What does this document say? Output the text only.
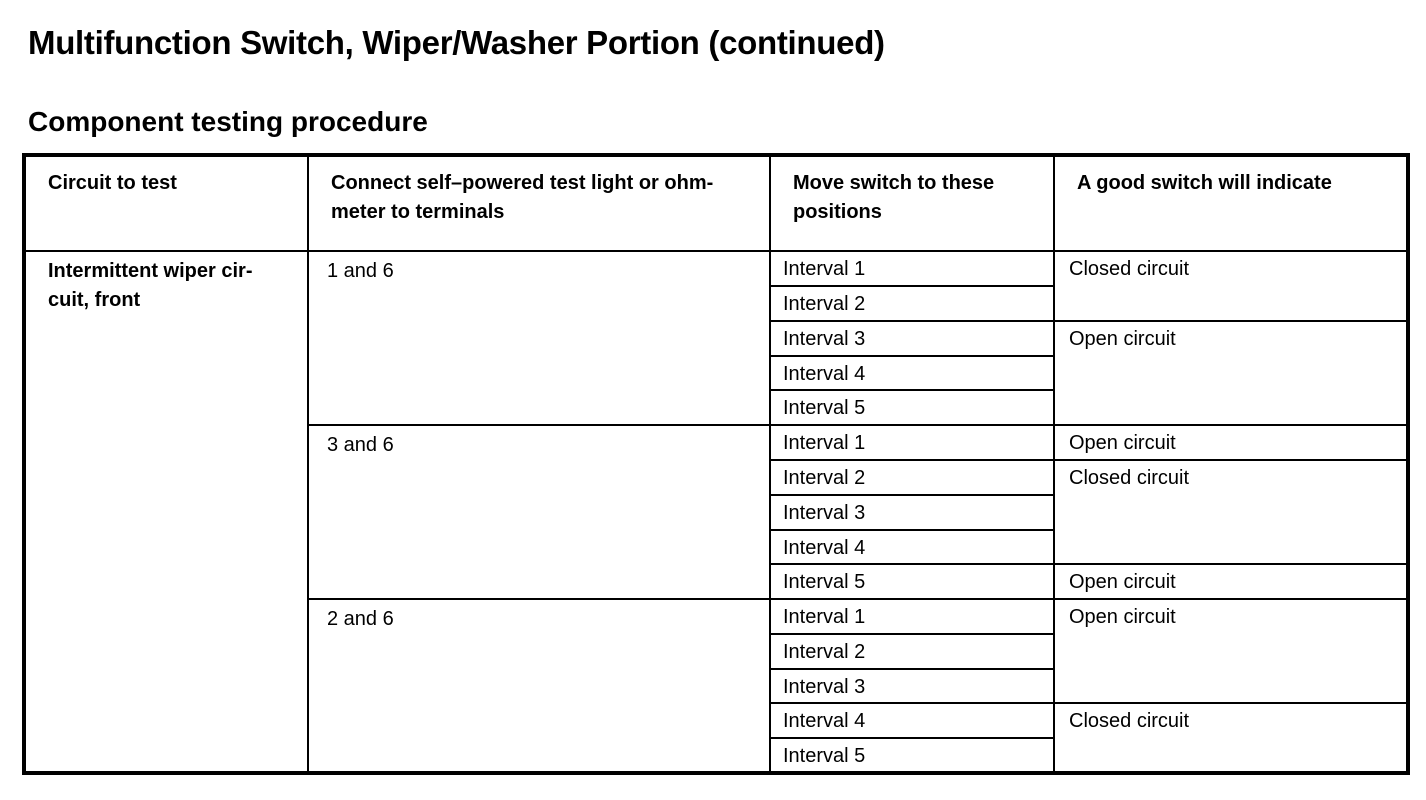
Multifunction Switch, Wiper/Washer Portion (continued)
Component testing procedure
Circuit to test	Connect self–powered test light or ohm-meter to terminals	Move switch to these positions	A good switch will indicate

Intermittent wiper cir-cuit, front	1 and 6	Interval 1	Closed circuit

		Interval 2	

		Interval 3	Open circuit

		Interval 4	

		Interval 5	

	3 and 6	Interval 1	Open circuit

		Interval 2	Closed circuit

		Interval 3	

		Interval 4	

		Interval 5	Open circuit

	2 and 6	Interval 1	Open circuit

		Interval 2	

		Interval 3	

		Interval 4	Closed circuit

		Interval 5	
